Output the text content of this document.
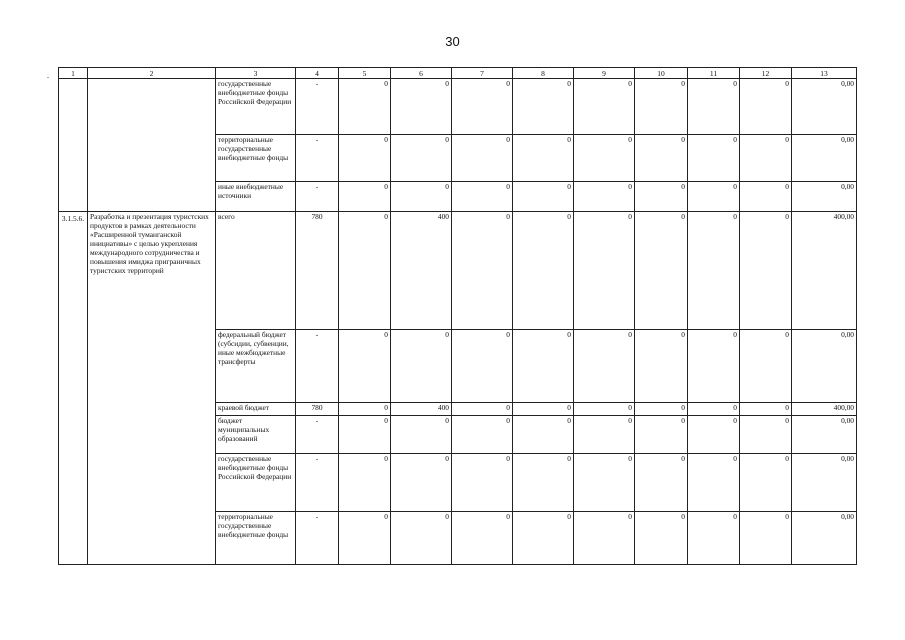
30
.	1	2	3	4	5	6	7	8	9	10	11	12	13
		государственные внебюджетные фонды Российской Федерации	-	0	0	0	0	0	0	0	0	0,00
		территориальные государственные внебюджетные фонды	-	0	0	0	0	0	0	0	0	0,00
		иные внебюджетные источники	-	0	0	0	0	0	0	0	0	0,00
3.1.5.6.	Разработка и презентация туристских продуктов в рамках деятельности «Расширенной туманганской инициативы» с целью укрепления международного сотрудничества и повышения имиджа приграничных туристских территорий	всего	780	0	400	0	0	0	0	0	0	400,00
		федеральный бюджет (субсидии, субвенции, иные межбюджетные трансферты	-	0	0	0	0	0	0	0	0	0,00
		краевой бюджет	780	0	400	0	0	0	0	0	0	400,00
		бюджет муниципальных образований	-	0	0	0	0	0	0	0	0	0,00
		государственные внебюджетные фонды Российской Федерации	-	0	0	0	0	0	0	0	0	0,00
		территориальные государственные внебюджетные фонды	-	0	0	0	0	0	0	0	0	0,00
